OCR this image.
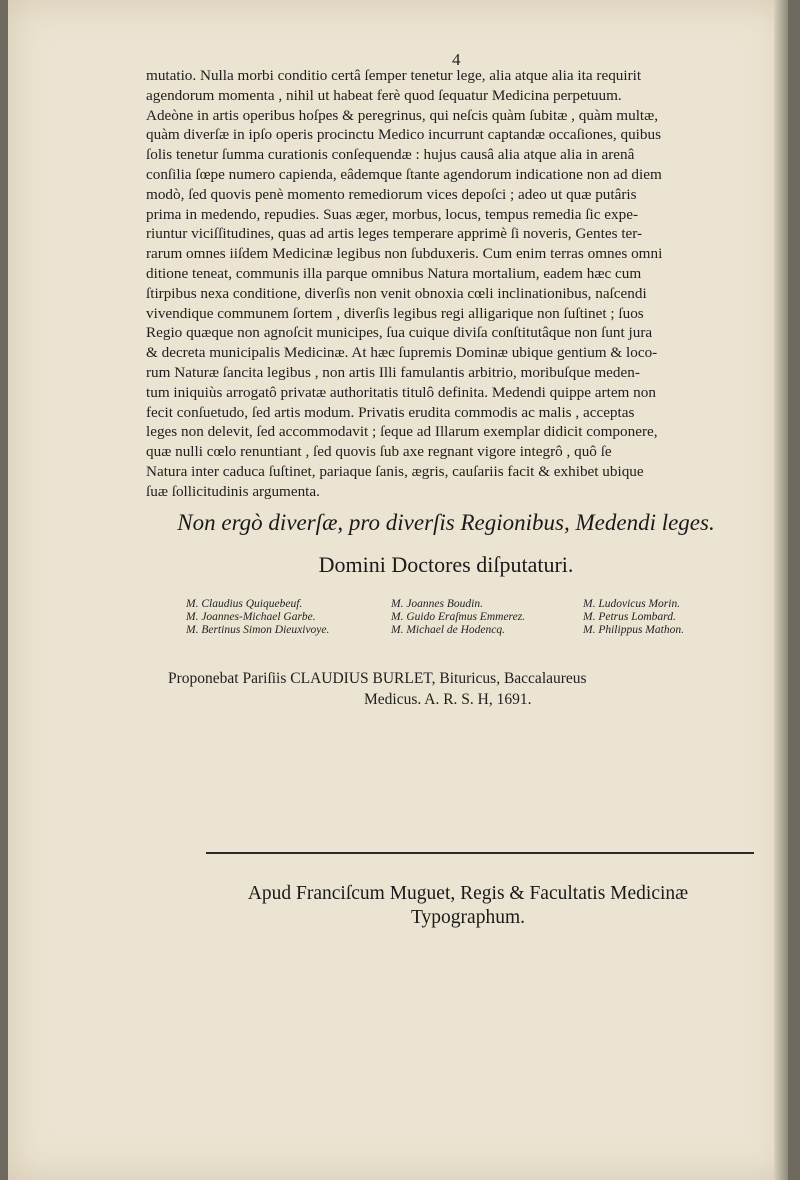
4
mutatio. Nulla morbi conditio certâ ſemper tenetur lege, alia atque alia ita requirit
agendorum momenta , nihil ut habeat ferè quod ſequatur Medicina perpetuum.
Adeòne in artis operibus hoſpes & peregrinus, qui neſcis quàm ſubitæ , quàm multæ,
quàm diverſæ in ipſo operis procinctu Medico incurrunt captandæ occaſiones, quibus
ſolis tenetur ſumma curationis conſequendæ : hujus causâ alia atque alia in arenâ
conſilia ſœpe numero capienda, eâdemque ſtante agendorum indicatione non ad diem
modò, ſed quovis penè momento remediorum vices depoſci ; adeo ut quæ putâris
prima in medendo, repudies. Suas æger, morbus, locus, tempus remedia ſic expe-
riuntur viciſſitudines, quas ad artis leges temperare apprimè ſi noveris, Gentes ter-
rarum omnes iiſdem Medicinæ legibus non ſubduxeris. Cum enim terras omnes omni
ditione teneat, communis illa parque omnibus Natura mortalium, eadem hæc cum
ſtirpibus nexa conditione, diverſis non venit obnoxia cœli inclinationibus, naſcendi
vivendique communem ſortem , diverſis legibus regi alligarique non ſuſtinet ; ſuos
Regio quæque non agnoſcit municipes, ſua cuique diviſa conſtitutâque non ſunt jura
& decreta municipalis Medicinæ. At hæc ſupremis Dominæ ubique gentium & loco-
rum Naturæ ſancita legibus , non artis Illi famulantis arbitrio, moribuſque meden-
tum iniquiùs arrogatô privatæ authoritatis titulô definita. Medendi quippe artem non
fecit conſuetudo, ſed artis modum. Privatis erudita commodis ac malis , acceptas
leges non delevit, ſed accommodavit ; ſeque ad Illarum exemplar didicit componere,
quæ nulli cœlo renuntiant , ſed quovis ſub axe regnant vigore integrô , quô ſe
Natura inter caduca ſuſtinet, pariaque ſanis, ægris, cauſariis facit & exhibet ubique
ſuæ ſollicitudinis argumenta.
Non ergò diverſæ, pro diverſis Regionibus, Medendi leges.
Domini Doctores diſputaturi.
M. Claudius Quiquebeuf.	M. Joannes Boudin.	M. Ludovicus Morin.
M. Joannes-Michael Garbe.	M. Guido Eraſmus Emmerez.	M. Petrus Lombard.
M. Bertinus Simon Dieuxivoye.	M. Michael de Hodencq.	M. Philippus Mathon.
Proponebat Pariſiis CLAUDIUS BURLET, Bituricus, Baccalaureus
Medicus. A. R. S. H, 1691.
Apud Franciſcum Muguet, Regis & Facultatis Medicinæ
Typographum.
